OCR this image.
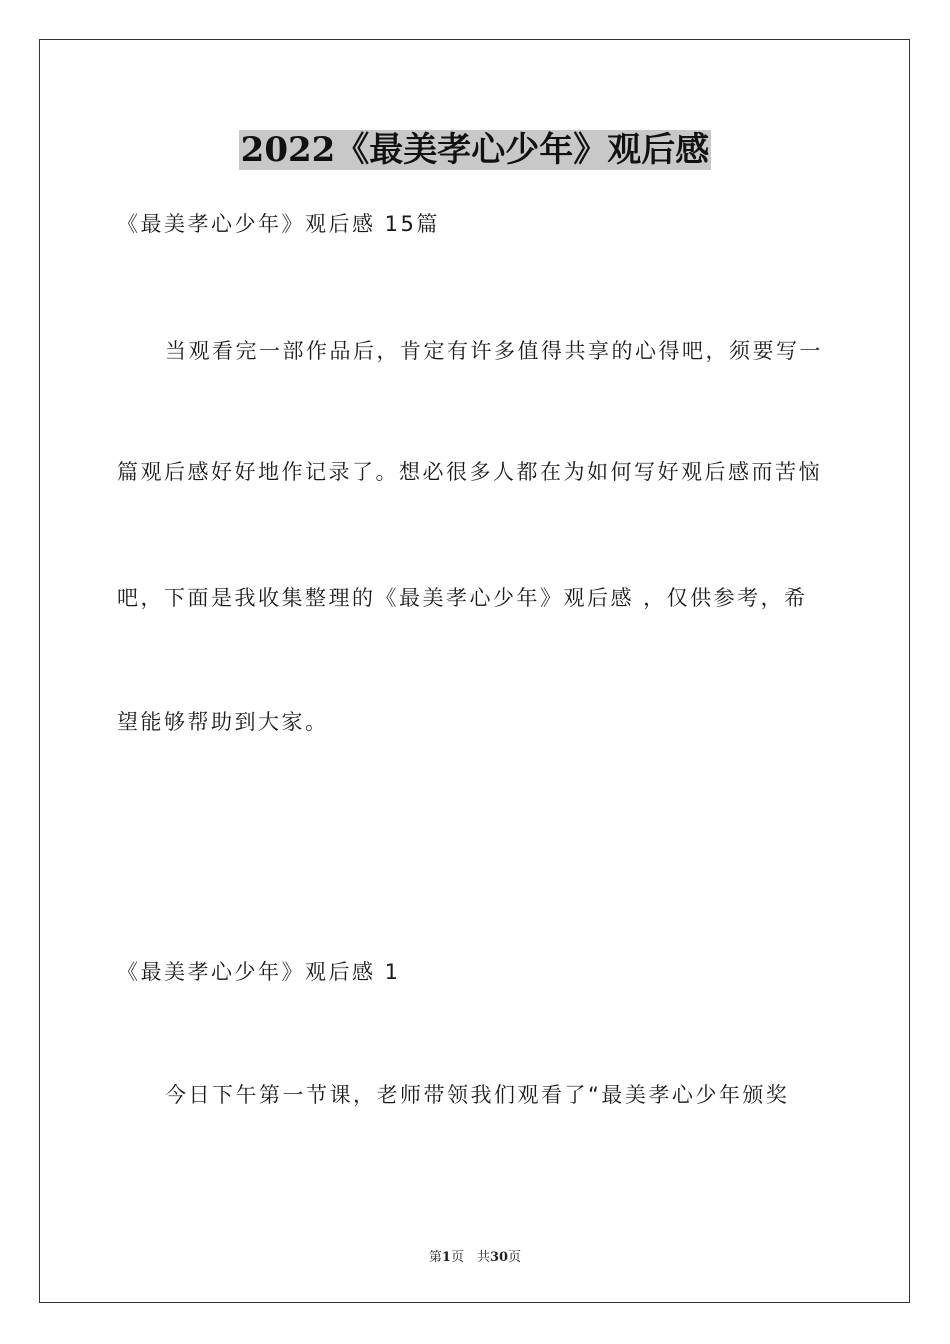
2022《最美孝心少年》观后感
《最美孝心少年》观后感 15篇
当观看完一部作品后，肯定有许多值得共享的心得吧，须要写一
篇观后感好好地作记录了。想必很多人都在为如何写好观后感而苦恼
吧，下面是我收集整理的《最美孝心少年》观后感 ，仅供参考，希
望能够帮助到大家。
《最美孝心少年》观后感 1
今日下午第一节课，老师带领我们观看了“最美孝心少年颁奖
第1页　共30页
